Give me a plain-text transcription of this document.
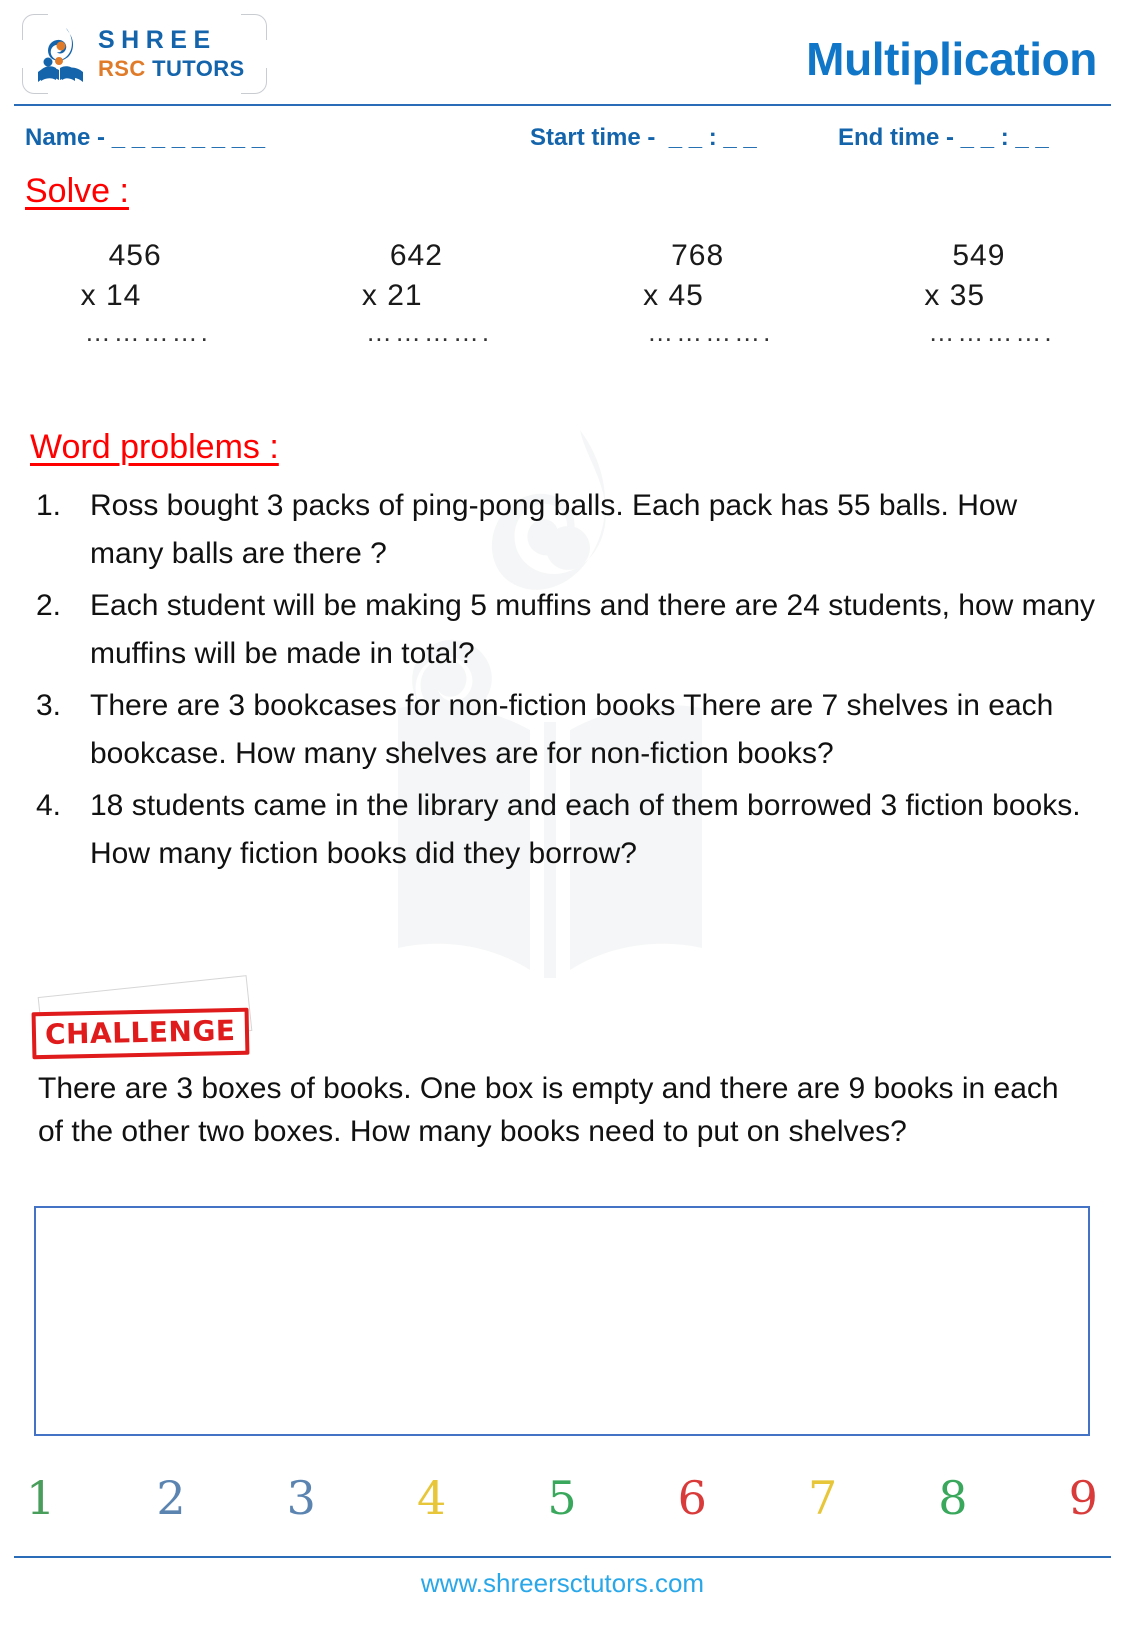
SHREE
RSC TUTORS	Multiplication
Name - _ _ _ _ _ _ _ _	Start time -  _ _ : _ _	End time - _ _ : _ _
Solve :
456
x 14
………….
642
x 21
………….
768
x 45
………….
549
x 35
………….
Word problems :
1. Ross bought 3 packs of ping-pong balls. Each pack has 55 balls. How many balls are there ?
2. Each student will be making 5 muffins and there are 24 students, how many muffins will be made in total?
3. There are 3 bookcases for non-fiction books There are 7 shelves in each bookcase. How many shelves are for non-fiction books?
4. 18 students came in the library and each of them borrowed 3 fiction books. How many fiction books did they borrow?
CHALLENGE
There are 3 boxes of books. One box is empty and there are 9 books in each of the other two boxes. How many books need to put on shelves?
1 2 3 4 5 6 7 8 9
www.shreersctutors.com
